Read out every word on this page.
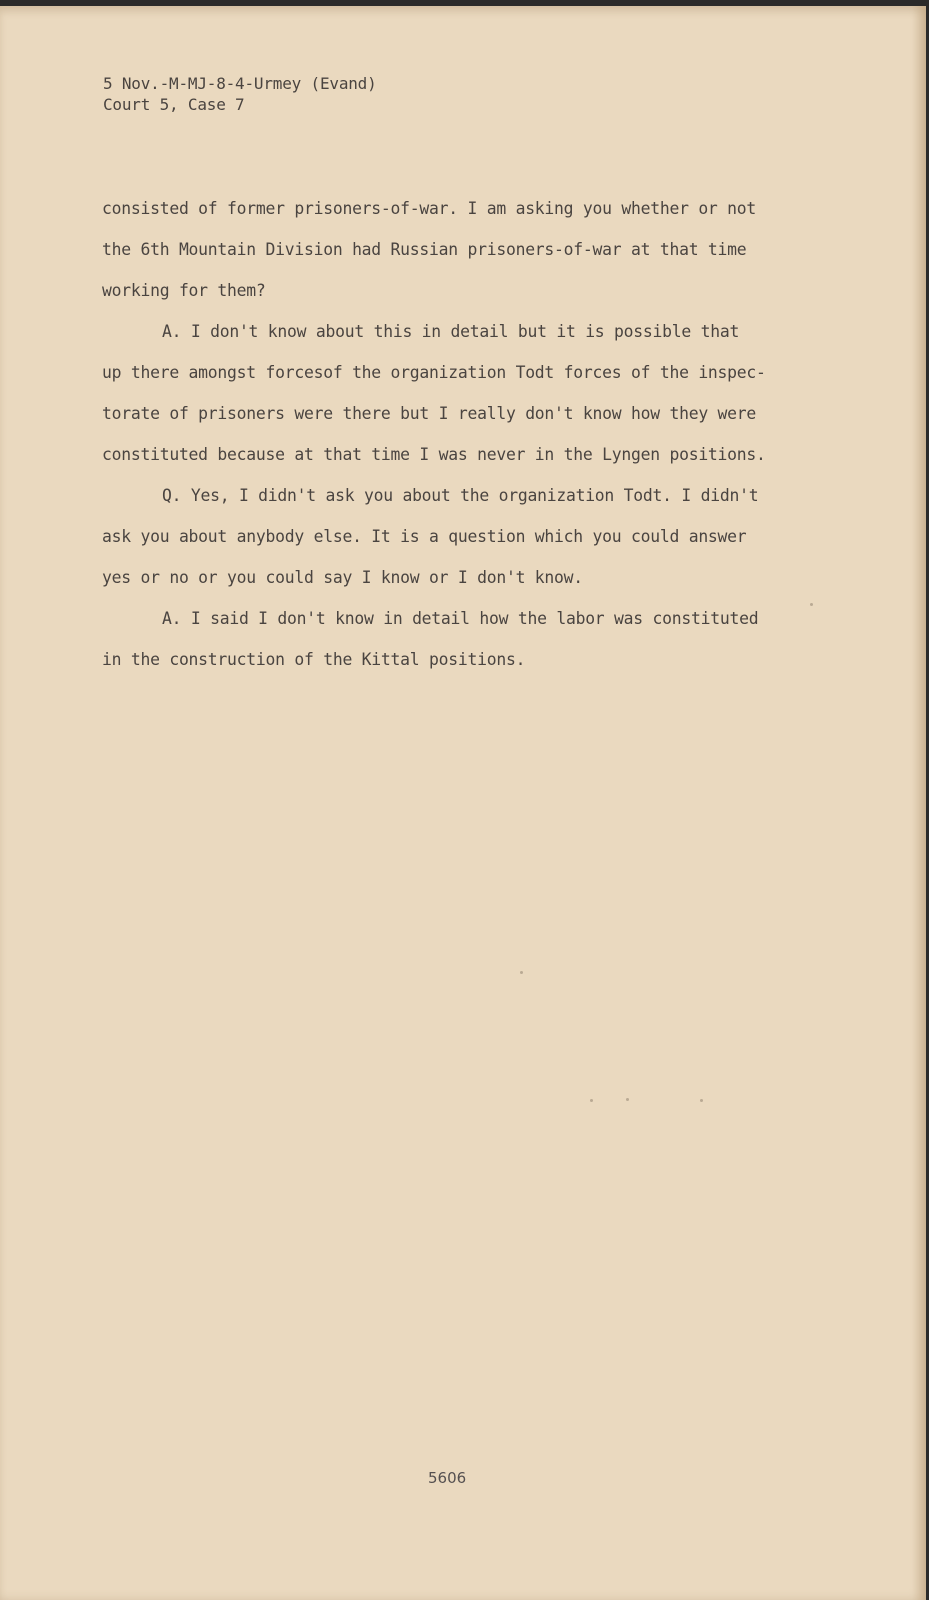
5 Nov.-M-MJ-8-4-Urmey (Evand)
Court 5, Case 7
consisted of former prisoners-of-war. I am asking you whether or not
the 6th Mountain Division had Russian prisoners-of-war at that time
working for them?
A. I don't know about this in detail but it is possible that
up there amongst forcesof the organization Todt forces of the inspec-
torate of prisoners were there but I really don't know how they were
constituted because at that time I was never in the Lyngen positions.
Q. Yes, I didn't ask you about the organization Todt. I didn't
ask you about anybody else. It is a question which you could answer
yes or no or you could say I know or I don't know.
A. I said I don't know in detail how the labor was constituted
in the construction of the Kittal positions.
5606
